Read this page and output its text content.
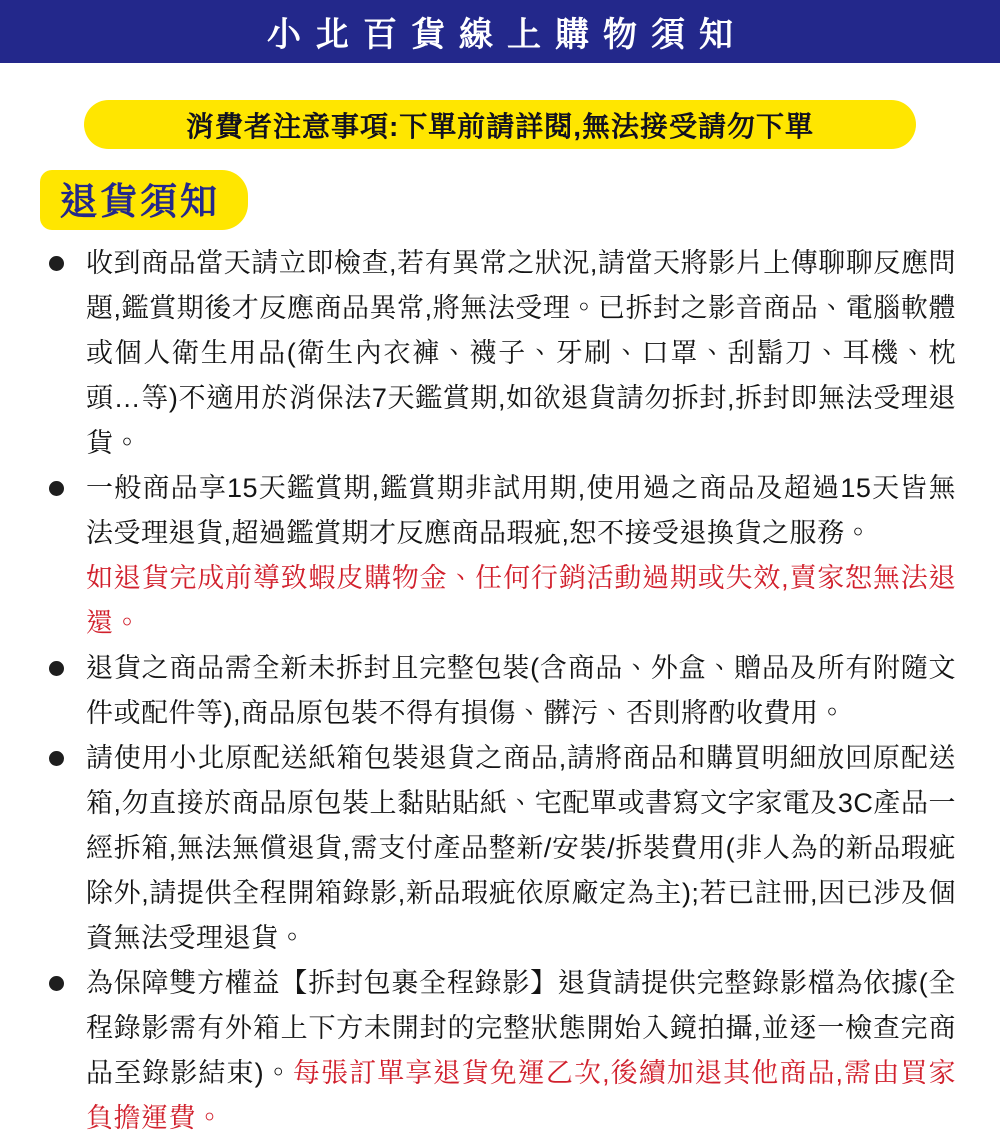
小北百貨線上購物須知
消費者注意事項:下單前請詳閱,無法接受請勿下單
退貨須知
收到商品當天請立即檢查,若有異常之狀況,請當天將影片上傳聊聊反應問題,鑑賞期後才反應商品異常,將無法受理。已拆封之影音商品、電腦軟體或個人衛生用品(衛生內衣褲、襪子、牙刷、口罩、刮鬍刀、耳機、枕頭…等)不適用於消保法7天鑑賞期,如欲退貨請勿拆封,拆封即無法受理退貨。
一般商品享15天鑑賞期,鑑賞期非試用期,使用過之商品及超過15天皆無法受理退貨,超過鑑賞期才反應商品瑕疵,恕不接受退換貨之服務。
如退貨完成前導致蝦皮購物金、任何行銷活動過期或失效,賣家恕無法退還。
退貨之商品需全新未拆封且完整包裝(含商品、外盒、贈品及所有附隨文件或配件等),商品原包裝不得有損傷、髒污、否則將酌收費用。
請使用小北原配送紙箱包裝退貨之商品,請將商品和購買明細放回原配送箱,勿直接於商品原包裝上黏貼貼紙、宅配單或書寫文字家電及3C產品一經拆箱,無法無償退貨,需支付產品整新/安裝/拆裝費用(非人為的新品瑕疵除外,請提供全程開箱錄影,新品瑕疵依原廠定為主);若已註冊,因已涉及個資無法受理退貨。
為保障雙方權益【拆封包裹全程錄影】退貨請提供完整錄影檔為依據(全程錄影需有外箱上下方未開封的完整狀態開始入鏡拍攝,並逐一檢查完商品至錄影結束)。每張訂單享退貨免運乙次,後續加退其他商品,需由買家負擔運費。
